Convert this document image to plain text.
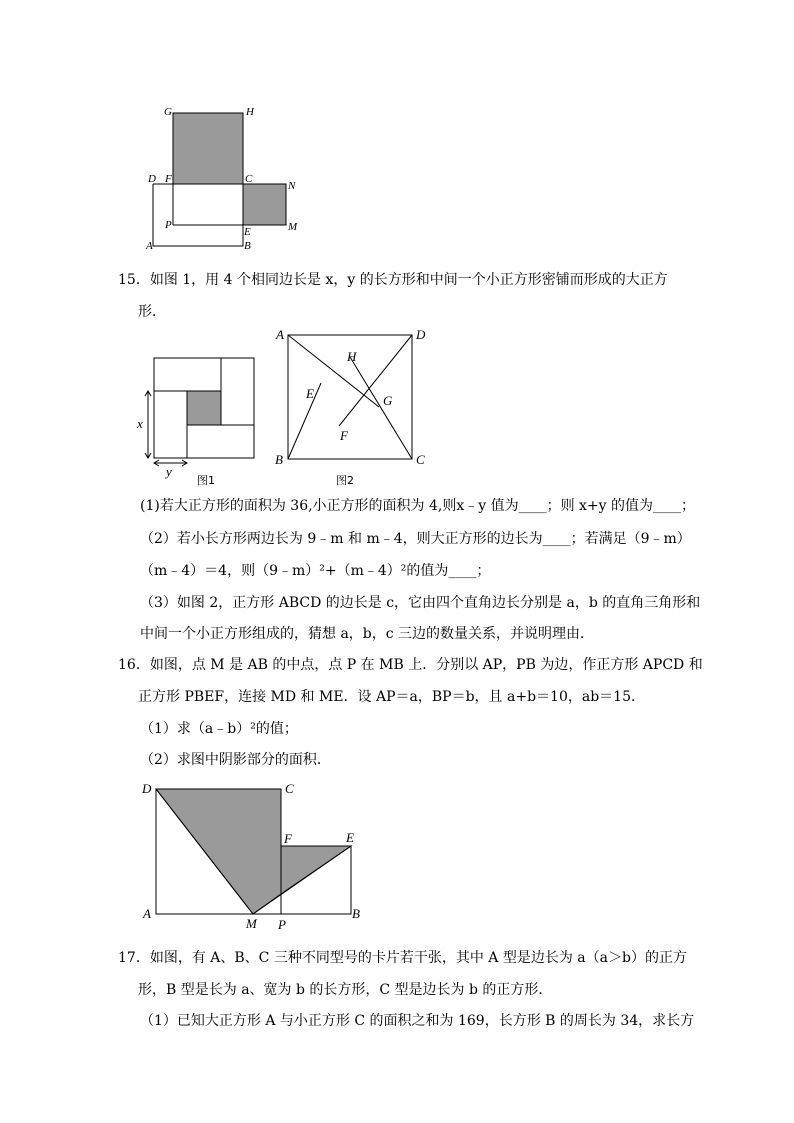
G	H
D F	C
N
P
E	M
A	B
15．如图 1，用 4 个相同边长是 x，y 的长方形和中间一个小正方形密铺而形成的大正方
形．
x
y
图1
A	D
H
E	G
F
B	C
图2
(1)若大正方形的面积为 36,小正方形的面积为 4,则x﹣y 值为____；则 x+y 的值为____；
（2）若小长方形两边长为 9﹣m 和 m﹣4，则大正方形的边长为____；若满足（9﹣m）
（m﹣4）＝4，则（9﹣m）²+（m﹣4）²的值为____；
（3）如图 2，正方形 ABCD 的边长是 c，它由四个直角边长分别是 a，b 的直角三角形和
中间一个小正方形组成的，猜想 a，b，c 三边的数量关系，并说明理由．
16．如图，点 M 是 AB 的中点，点 P 在 MB 上．分别以 AP，PB 为边，作正方形 APCD 和
正方形 PBEF，连接 MD 和 ME．设 AP＝a，BP＝b，且 a+b＝10，ab＝15．
（1）求（a﹣b）²的值；
（2）求图中阴影部分的面积．
D	C
F	E
A
M P
B
17．如图，有 A、B、C 三种不同型号的卡片若干张，其中 A 型是边长为 a（a＞b）的正方
形，B 型是长为 a、宽为 b 的长方形，C 型是边长为 b 的正方形．
（1）已知大正方形 A 与小正方形 C 的面积之和为 169，长方形 B 的周长为 34，求长方
